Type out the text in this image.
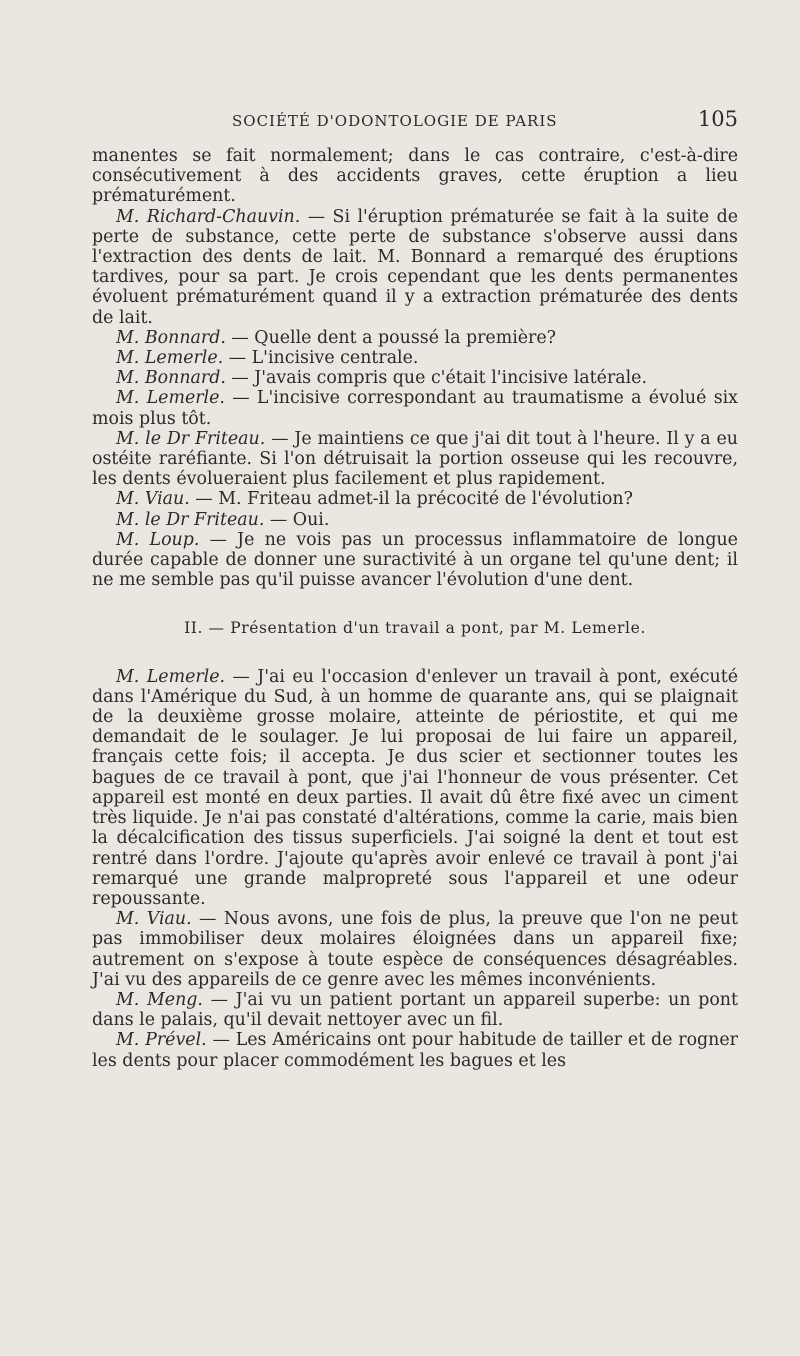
SOCIÉTÉ D'ODONTOLOGIE DE PARIS	105

manentes se fait normalement; dans le cas contraire, c'est-à-dire consécutivement à des accidents graves, cette éruption a lieu prématurément.

M. Richard-Chauvin. — Si l'éruption prématurée se fait à la suite de perte de substance, cette perte de substance s'observe aussi dans l'extraction des dents de lait. M. Bonnard a remarqué des éruptions tardives, pour sa part. Je crois cependant que les dents permanentes évoluent prématurément quand il y a extraction prématurée des dents de lait.

M. Bonnard. — Quelle dent a poussé la première?

M. Lemerle. — L'incisive centrale.

M. Bonnard. — J'avais compris que c'était l'incisive latérale.

M. Lemerle. — L'incisive correspondant au traumatisme a évolué six mois plus tôt.

M. le Dr Friteau. — Je maintiens ce que j'ai dit tout à l'heure. Il y a eu ostéite raréfiante. Si l'on détruisait la portion osseuse qui les recouvre, les dents évolueraient plus facilement et plus rapidement.

M. Viau. — M. Friteau admet-il la précocité de l'évolution?

M. le Dr Friteau. — Oui.

M. Loup. — Je ne vois pas un processus inflammatoire de longue durée capable de donner une suractivité à un organe tel qu'une dent; il ne me semble pas qu'il puisse avancer l'évolution d'une dent.

II. — Présentation d'un travail a pont, par M. Lemerle.

M. Lemerle. — J'ai eu l'occasion d'enlever un travail à pont, exécuté dans l'Amérique du Sud, à un homme de quarante ans, qui se plaignait de la deuxième grosse molaire, atteinte de périostite, et qui me demandait de le soulager. Je lui proposai de lui faire un appareil, français cette fois; il accepta. Je dus scier et sectionner toutes les bagues de ce travail à pont, que j'ai l'honneur de vous présenter. Cet appareil est monté en deux parties. Il avait dû être fixé avec un ciment très liquide. Je n'ai pas constaté d'altérations, comme la carie, mais bien la décalcification des tissus superficiels. J'ai soigné la dent et tout est rentré dans l'ordre. J'ajoute qu'après avoir enlevé ce travail à pont j'ai remarqué une grande malpropreté sous l'appareil et une odeur repoussante.

M. Viau. — Nous avons, une fois de plus, la preuve que l'on ne peut pas immobiliser deux molaires éloignées dans un appareil fixe; autrement on s'expose à toute espèce de conséquences désagréables. J'ai vu des appareils de ce genre avec les mêmes inconvénients.

M. Meng. — J'ai vu un patient portant un appareil superbe: un pont dans le palais, qu'il devait nettoyer avec un fil.

M. Prével. — Les Américains ont pour habitude de tailler et de rogner les dents pour placer commodément les bagues et les
